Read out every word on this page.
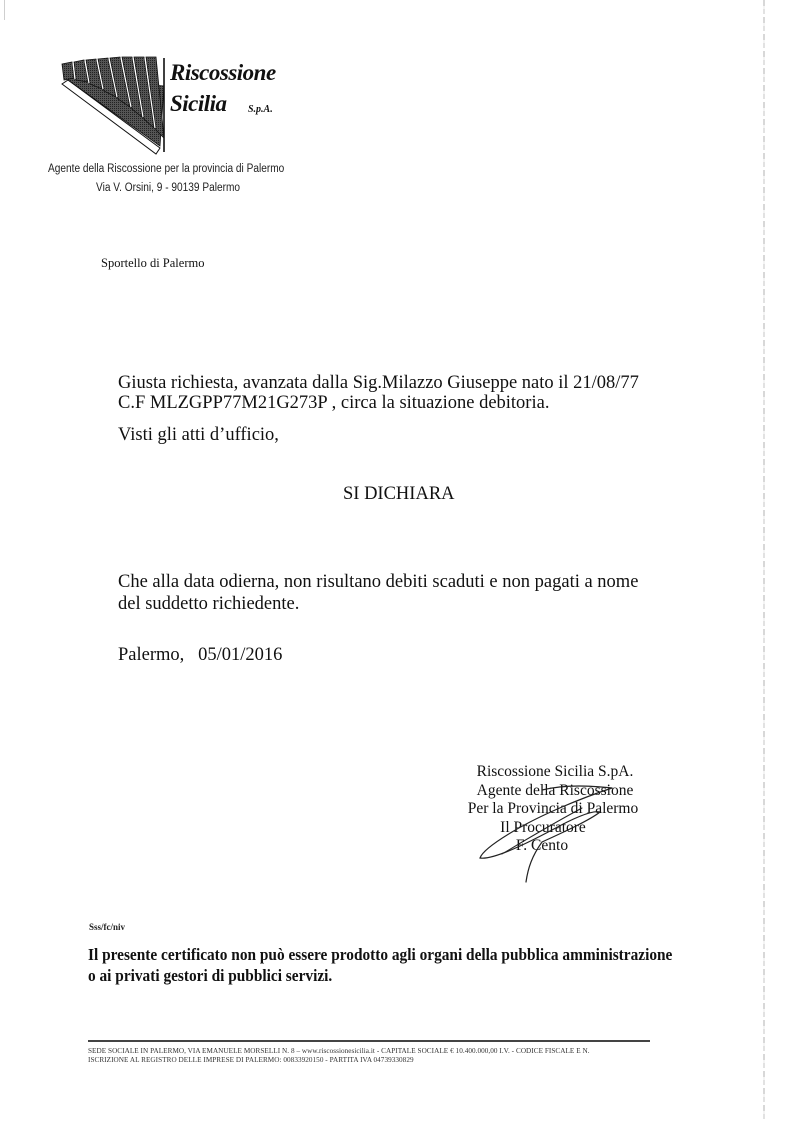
Riscossione
Sicilia S.p.A.
Agente della Riscossione per la provincia di Palermo
Via V. Orsini, 9 - 90139 Palermo
Sportello di Palermo
Giusta richiesta, avanzata dalla Sig.Milazzo Giuseppe nato il 21/08/77
C.F MLZGPP77M21G273P , circa la situazione debitoria.
Visti gli atti d’ufficio,
SI DICHIARA
Che alla data odierna, non risultano debiti scaduti e non pagati a nome
del suddetto richiedente.
Palermo,   05/01/2016
Riscossione Sicilia S.pA.
Agente della Riscossione
Per la Provincia di Palermo
Il Procuratore
F. Cento
Sss/fc/niv
Il presente certificato non può essere prodotto agli organi della pubblica amministrazione
o ai privati gestori di pubblici servizi.
SEDE SOCIALE IN PALERMO, VIA EMANUELE MORSELLI N. 8 – www.riscossionesicilia.it - CAPITALE SOCIALE € 10.400.000,00 I.V. - CODICE FISCALE E N.
ISCRIZIONE AL REGISTRO DELLE IMPRESE DI PALERMO: 00833920150 - PARTITA IVA 04739330829
